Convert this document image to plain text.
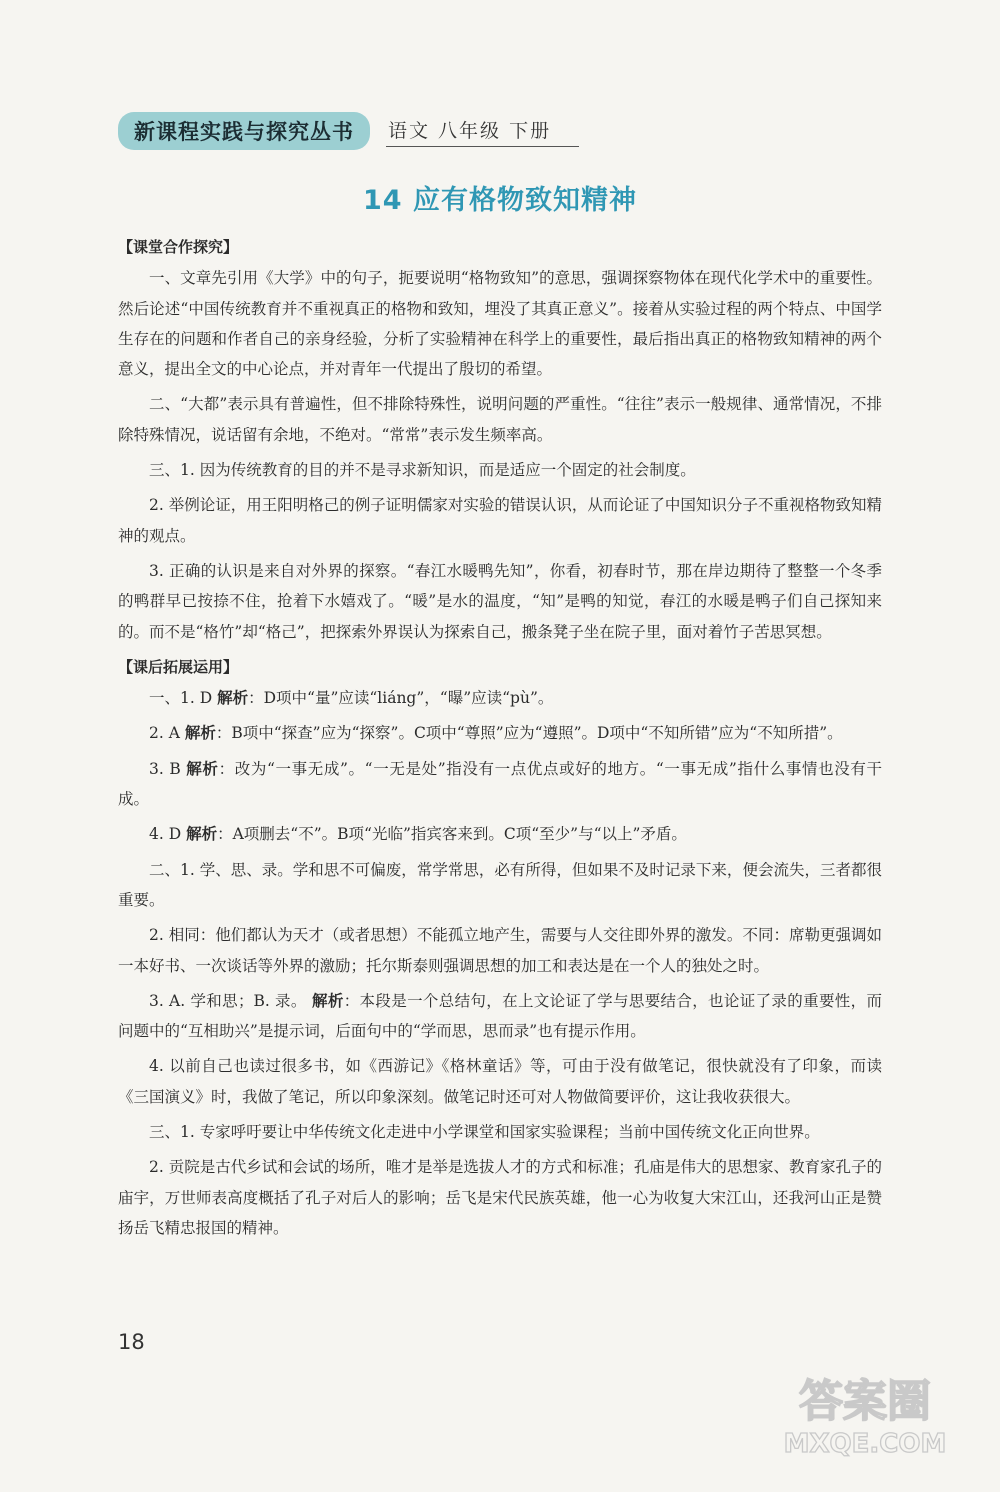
新课程实践与探究丛书	语文 八年级 下册
14 应有格物致知精神

【课堂合作探究】

一、文章先引用《大学》中的句子，扼要说明“格物致知”的意思，强调探察物体在现代化学术中的重要性。然后论述“中国传统教育并不重视真正的格物和致知，埋没了其真正意义”。接着从实验过程的两个特点、中国学生存在的问题和作者自己的亲身经验，分析了实验精神在科学上的重要性，最后指出真正的格物致知精神的两个意义，提出全文的中心论点，并对青年一代提出了殷切的希望。

二、“大都”表示具有普遍性，但不排除特殊性，说明问题的严重性。“往往”表示一般规律、通常情况，不排除特殊情况，说话留有余地，不绝对。“常常”表示发生频率高。

三、1. 因为传统教育的目的并不是寻求新知识，而是适应一个固定的社会制度。

2. 举例论证，用王阳明格己的例子证明儒家对实验的错误认识，从而论证了中国知识分子不重视格物致知精神的观点。

3. 正确的认识是来自对外界的探察。“春江水暖鸭先知”，你看，初春时节，那在岸边期待了整整一个冬季的鸭群早已按捺不住，抢着下水嬉戏了。“暖”是水的温度，“知”是鸭的知觉，春江的水暖是鸭子们自己探知来的。而不是“格竹”却“格己”，把探索外界误认为探索自己，搬条凳子坐在院子里，面对着竹子苦思冥想。

【课后拓展运用】

一、1. D 解析：D项中“量”应读“liáng”，“曝”应读“pù”。

2. A 解析：B项中“探查”应为“探察”。C项中“尊照”应为“遵照”。D项中“不知所错”应为“不知所措”。

3. B 解析：改为“一事无成”。“一无是处”指没有一点优点或好的地方。“一事无成”指什么事情也没有干成。

4. D 解析：A项删去“不”。B项“光临”指宾客来到。C项“至少”与“以上”矛盾。

二、1. 学、思、录。学和思不可偏废，常学常思，必有所得，但如果不及时记录下来，便会流失，三者都很重要。

2. 相同：他们都认为天才（或者思想）不能孤立地产生，需要与人交往即外界的激发。不同：席勒更强调如一本好书、一次谈话等外界的激励；托尔斯泰则强调思想的加工和表达是在一个人的独处之时。

3. A. 学和思；B. 录。 解析：本段是一个总结句，在上文论证了学与思要结合，也论证了录的重要性，而问题中的“互相助兴”是提示词，后面句中的“学而思，思而录”也有提示作用。

4. 以前自己也读过很多书，如《西游记》《格林童话》等，可由于没有做笔记，很快就没有了印象，而读《三国演义》时，我做了笔记，所以印象深刻。做笔记时还可对人物做简要评价，这让我收获很大。

三、1. 专家呼吁要让中华传统文化走进中小学课堂和国家实验课程；当前中国传统文化正向世界。

2. 贡院是古代乡试和会试的场所，唯才是举是选拔人才的方式和标准；孔庙是伟大的思想家、教育家孔子的庙宇，万世师表高度概括了孔子对后人的影响；岳飞是宋代民族英雄，他一心为收复大宋江山，还我河山正是赞扬岳飞精忠报国的精神。

18
答案圈
MXQE.COM
